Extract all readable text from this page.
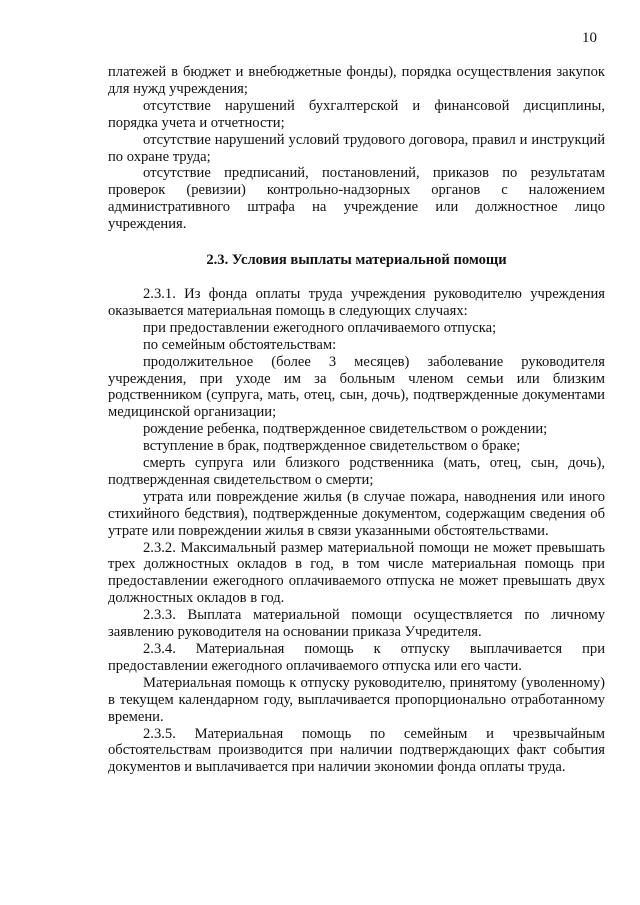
10

платежей в бюджет и внебюджетные фонды), порядка осуществления закупок для нужд учреждения;

отсутствие нарушений бухгалтерской и финансовой дисциплины, порядка учета и отчетности;

отсутствие нарушений условий трудового договора, правил и инструкций по охране труда;

отсутствие предписаний, постановлений, приказов по результатам проверок (ревизии) контрольно-надзорных органов с наложением административного штрафа на учреждение или должностное лицо учреждения.

2.3. Условия выплаты материальной помощи

2.3.1. Из фонда оплаты труда учреждения руководителю учреждения оказывается материальная помощь в следующих случаях:

при предоставлении ежегодного оплачиваемого отпуска;

по семейным обстоятельствам:

продолжительное (более 3 месяцев) заболевание руководителя учреждения, при уходе им за больным членом семьи или близким родственником (супруга, мать, отец, сын, дочь), подтвержденные документами медицинской организации;

рождение ребенка, подтвержденное свидетельством о рождении;

вступление в брак, подтвержденное свидетельством о браке;

смерть супруга или близкого родственника (мать, отец, сын, дочь), подтвержденная свидетельством о смерти;

утрата или повреждение жилья (в случае пожара, наводнения или иного стихийного бедствия), подтвержденные документом, содержащим сведения об утрате или повреждении жилья в связи указанными обстоятельствами.

2.3.2. Максимальный размер материальной помощи не может превышать трех должностных окладов в год, в том числе материальная помощь при предоставлении ежегодного оплачиваемого отпуска не может превышать двух должностных окладов в год.

2.3.3. Выплата материальной помощи осуществляется по личному заявлению руководителя на основании приказа Учредителя.

2.3.4. Материальная помощь к отпуску выплачивается при предоставлении ежегодного оплачиваемого отпуска или его части.

Материальная помощь к отпуску руководителю, принятому (уволенному) в текущем календарном году, выплачивается пропорционально отработанному времени.

2.3.5. Материальная помощь по семейным и чрезвычайным обстоятельствам производится при наличии подтверждающих факт события документов и выплачивается при наличии экономии фонда оплаты труда.
